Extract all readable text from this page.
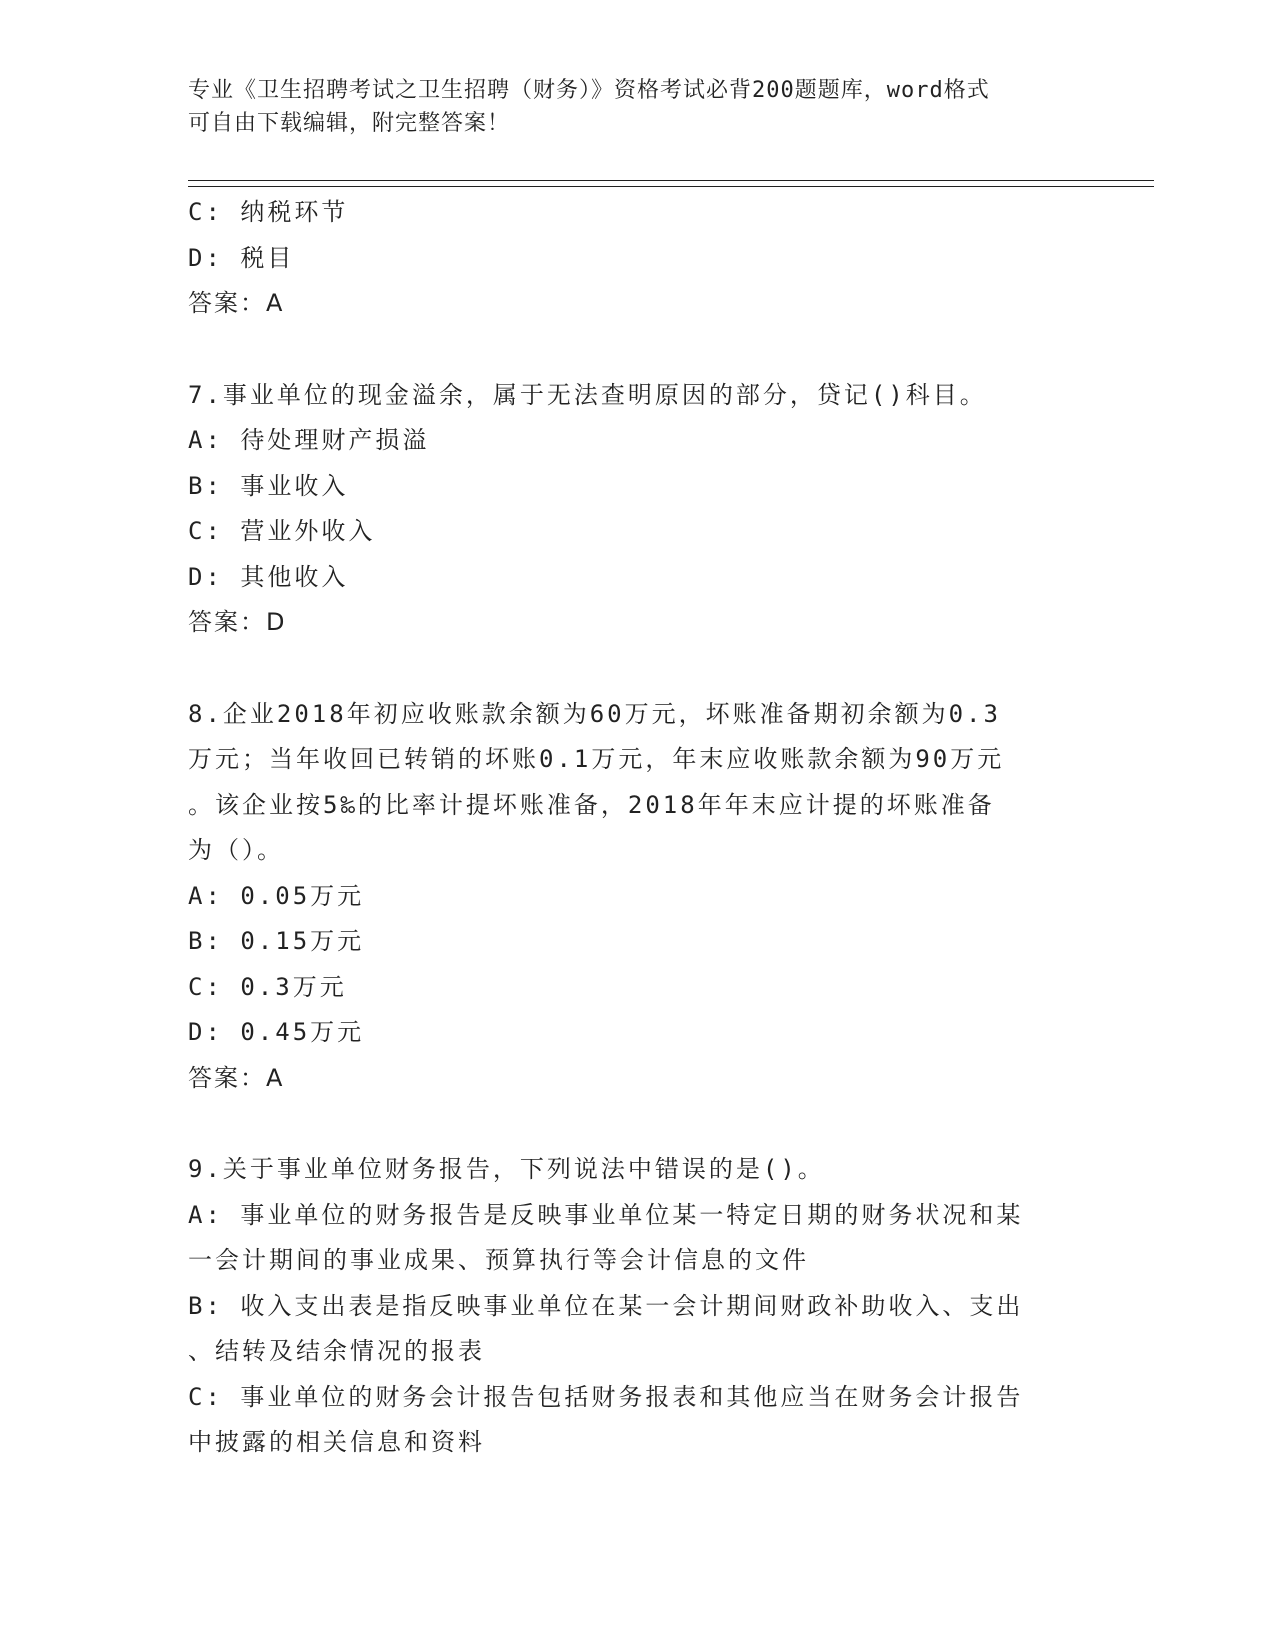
专业《卫生招聘考试之卫生招聘（财务）》资格考试必背200题题库，word格式
可自由下载编辑，附完整答案！
C: 纳税环节
D: 税目
答案：A
7.事业单位的现金溢余，属于无法查明原因的部分，贷记()科目。
A: 待处理财产损溢
B: 事业收入
C: 营业外收入
D: 其他收入
答案：D
8.企业2018年初应收账款余额为60万元，坏账准备期初余额为0.3
万元；当年收回已转销的坏账0.1万元，年末应收账款余额为90万元
。该企业按5‰的比率计提坏账准备，2018年年末应计提的坏账准备
为（）。
A: 0.05万元
B: 0.15万元
C: 0.3万元
D: 0.45万元
答案：A
9.关于事业单位财务报告，下列说法中错误的是()。
A: 事业单位的财务报告是反映事业单位某一特定日期的财务状况和某
一会计期间的事业成果、预算执行等会计信息的文件
B: 收入支出表是指反映事业单位在某一会计期间财政补助收入、支出
、结转及结余情况的报表
C: 事业单位的财务会计报告包括财务报表和其他应当在财务会计报告
中披露的相关信息和资料
